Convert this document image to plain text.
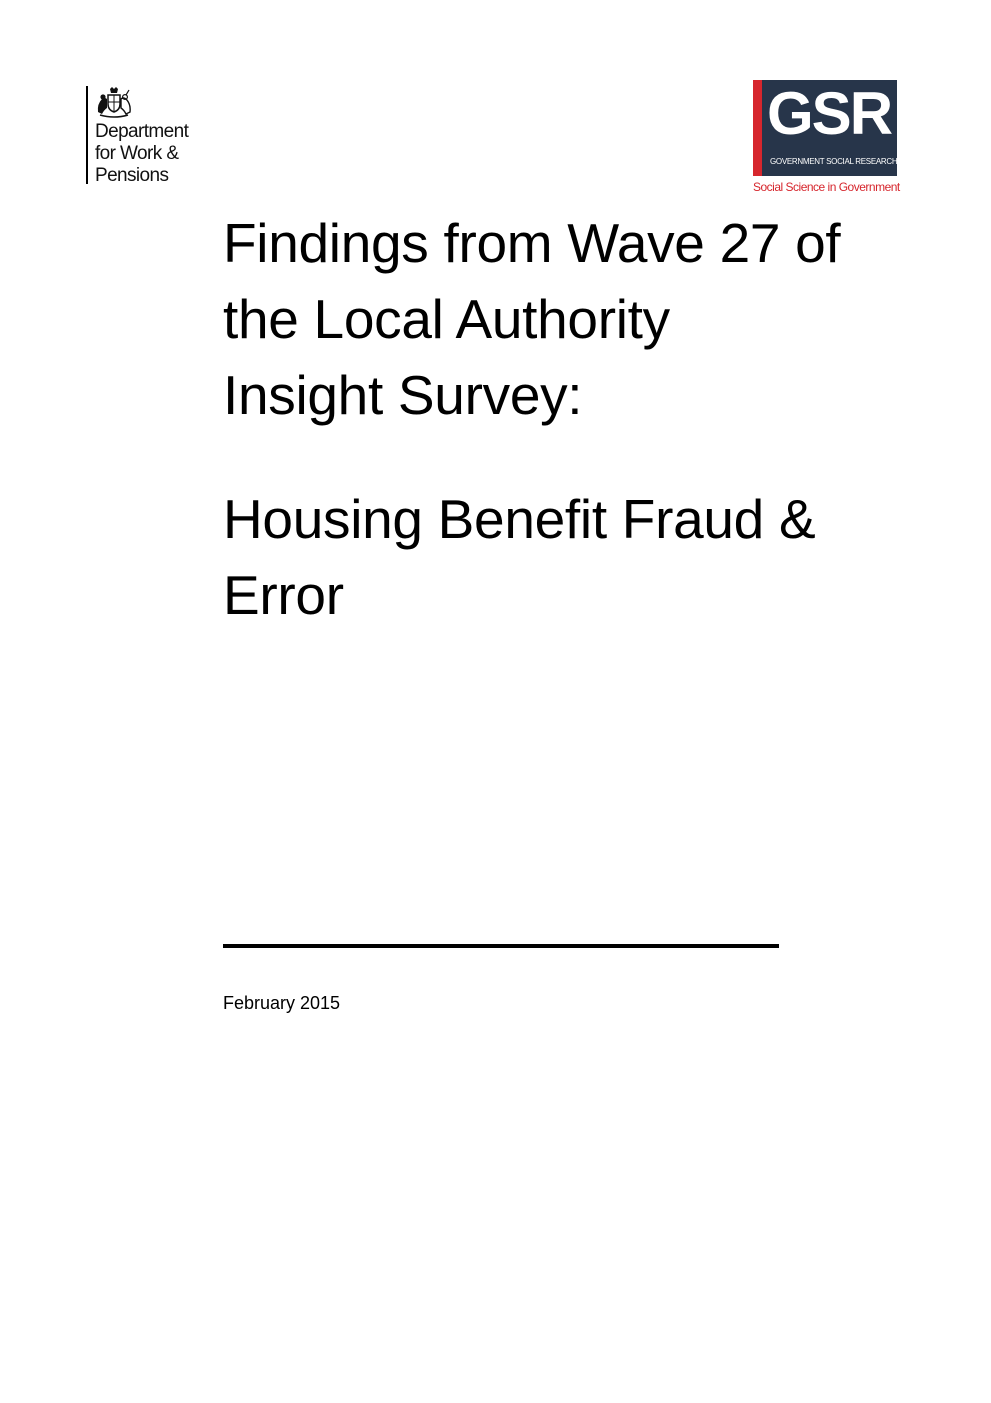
Department
for Work &
Pensions
GSR
GOVERNMENT SOCIAL RESEARCH
Social Science in Government
Findings from Wave 27 of
the Local Authority
Insight Survey:
Housing Benefit Fraud &
Error
February 2015
